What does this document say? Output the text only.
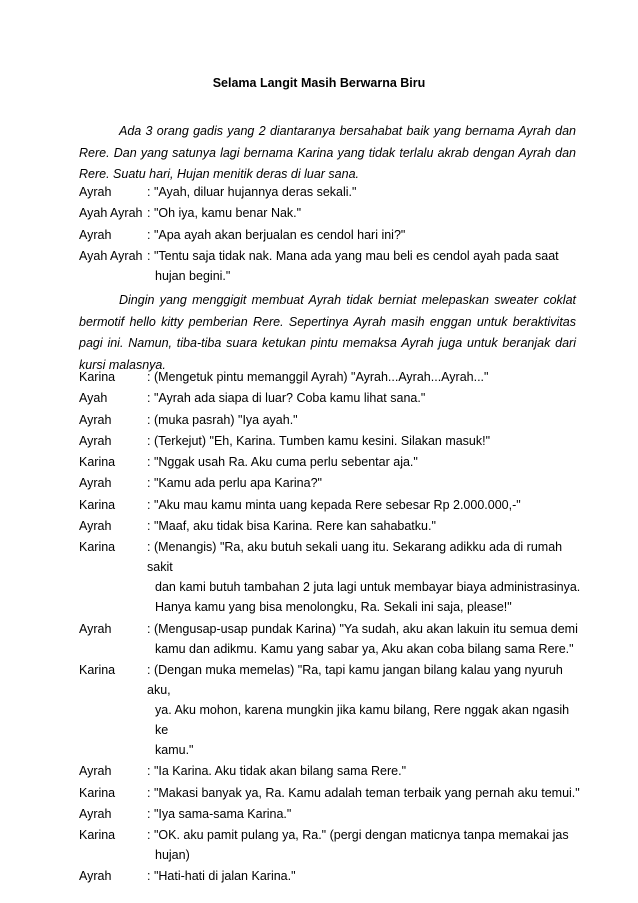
Selama Langit Masih Berwarna Biru

Ada 3 orang gadis yang 2 diantaranya bersahabat baik yang bernama Ayrah dan Rere. Dan yang satunya lagi bernama Karina yang tidak terlalu akrab dengan Ayrah dan Rere. Suatu hari, Hujan menitik deras di luar sana.

Ayrah	: "Ayah, diluar hujannya deras sekali."
Ayah Ayrah : "Oh iya, kamu benar Nak."
Ayrah	: "Apa ayah akan berjualan es cendol hari ini?"
Ayah Ayrah : "Tentu saja tidak nak. Mana ada yang mau beli es cendol ayah pada saat
hujan begini."

Dingin yang menggigit membuat Ayrah tidak berniat melepaskan sweater coklat bermotif hello kitty pemberian Rere. Sepertinya Ayrah masih enggan untuk beraktivitas pagi ini. Namun, tiba-tiba suara ketukan pintu memaksa Ayrah juga untuk beranjak dari kursi malasnya.

Karina	: (Mengetuk pintu memanggil Ayrah) "Ayrah...Ayrah...Ayrah..."
Ayah	: "Ayrah ada siapa di luar? Coba kamu lihat sana."
Ayrah	: (muka pasrah) "Iya ayah."
Ayrah	: (Terkejut) "Eh, Karina. Tumben kamu kesini. Silakan masuk!"
Karina	: "Nggak usah Ra. Aku cuma perlu sebentar aja."
Ayrah	: "Kamu ada perlu apa Karina?"
Karina	: "Aku mau kamu minta uang kepada Rere sebesar Rp 2.000.000,-"
Ayrah	: "Maaf, aku tidak bisa Karina. Rere kan sahabatku."
Karina	: (Menangis) "Ra, aku butuh sekali uang itu. Sekarang adikku ada di rumah sakit
dan kami butuh tambahan 2 juta lagi untuk membayar biaya administrasinya.
Hanya kamu yang bisa menolongku, Ra. Sekali ini saja, please!"
Ayrah	: (Mengusap-usap pundak Karina) "Ya sudah, aku akan lakuin itu semua demi
kamu dan adikmu. Kamu yang sabar ya, Aku akan coba bilang sama Rere."
Karina	: (Dengan muka memelas) "Ra, tapi kamu jangan bilang kalau yang nyuruh aku,
ya. Aku mohon, karena mungkin jika kamu bilang, Rere nggak akan ngasih ke
kamu."
Ayrah	: "Ia Karina. Aku tidak akan bilang sama Rere."
Karina	: "Makasi banyak ya, Ra. Kamu adalah teman terbaik yang pernah aku temui."
Ayrah	: "Iya sama-sama Karina."
Karina	: "OK. aku pamit pulang ya, Ra." (pergi dengan maticnya tanpa memakai jas
hujan)
Ayrah	: "Hati-hati di jalan Karina."
